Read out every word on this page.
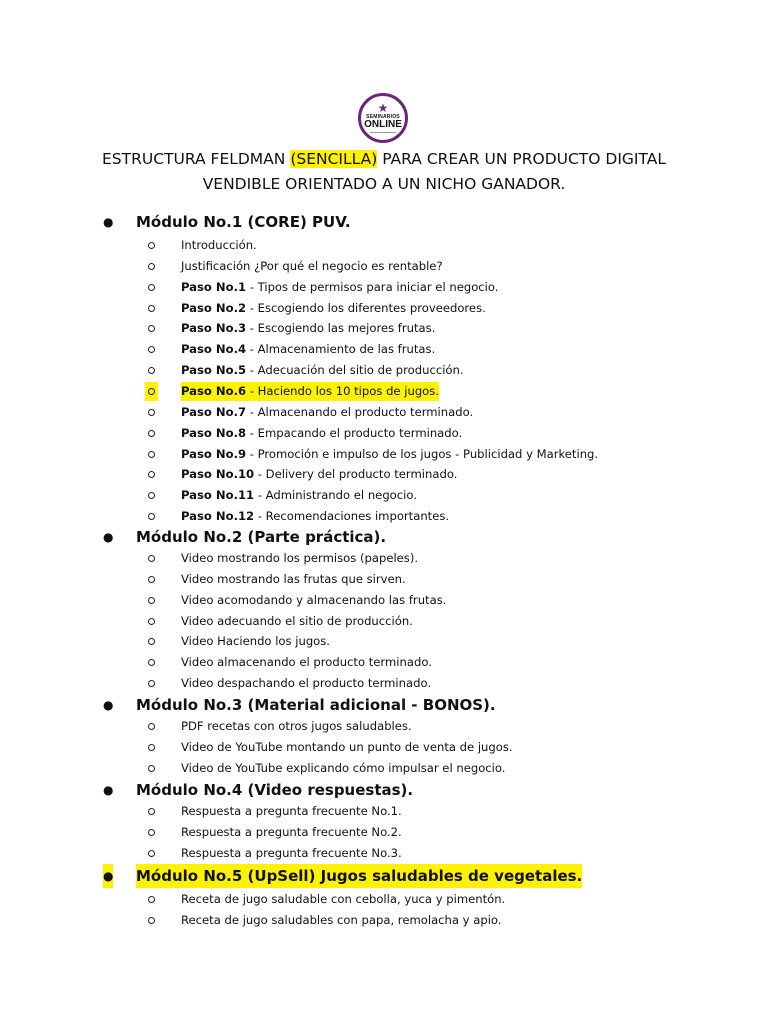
★
SEMINARIOS
ONLINE
ESTRUCTURA FELDMAN (SENCILLA) PARA CREAR UN PRODUCTO DIGITAL
VENDIBLE ORIENTADO A UN NICHO GANADOR.
● Módulo No.1 (CORE) PUV.
Introducción.
Justificación ¿Por qué el negocio es rentable?
Paso No.1 - Tipos de permisos para iniciar el negocio.
Paso No.2 - Escogiendo los diferentes proveedores.
Paso No.3 - Escogiendo las mejores frutas.
Paso No.4 - Almacenamiento de las frutas.
Paso No.5 - Adecuación del sitio de producción.
Paso No.6 - Haciendo los 10 tipos de jugos.
Paso No.7 - Almacenando el producto terminado.
Paso No.8 - Empacando el producto terminado.
Paso No.9 - Promoción e impulso de los jugos - Publicidad y Marketing.
Paso No.10 - Delivery del producto terminado.
Paso No.11 - Administrando el negocio.
Paso No.12 - Recomendaciones importantes.
● Módulo No.2 (Parte práctica).
Video mostrando los permisos (papeles).
Video mostrando las frutas que sirven.
Video acomodando y almacenando las frutas.
Video adecuando el sitio de producción.
Video Haciendo los jugos.
Video almacenando el producto terminado.
Video despachando el producto terminado.
● Módulo No.3 (Material adicional - BONOS).
PDF recetas con otros jugos saludables.
Video de YouTube montando un punto de venta de jugos.
Video de YouTube explicando cómo impulsar el negocio.
● Módulo No.4 (Video respuestas).
Respuesta a pregunta frecuente No.1.
Respuesta a pregunta frecuente No.2.
Respuesta a pregunta frecuente No.3.
● Módulo No.5 (UpSell) Jugos saludables de vegetales.
Receta de jugo saludable con cebolla, yuca y pimentón.
Receta de jugo saludables con papa, remolacha y apio.
